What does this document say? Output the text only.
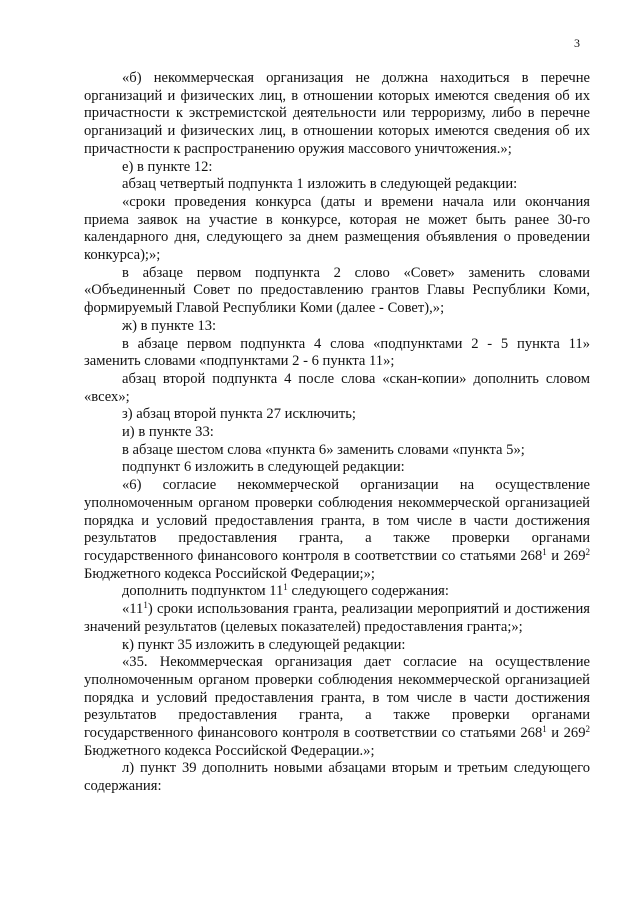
3

«б) некоммерческая организация не должна находиться в перечне организаций и физических лиц, в отношении которых имеются сведения об их причастности к экстремистской деятельности или терроризму, либо в перечне организаций и физических лиц, в отношении которых имеются сведения об их причастности к распространению оружия массового уничтожения.»;

е) в пункте 12:

абзац четвертый подпункта 1 изложить в следующей редакции:

«сроки проведения конкурса (даты и времени начала или окончания приема заявок на участие в конкурсе, которая не может быть ранее 30-го календарного дня, следующего за днем размещения объявления о проведении конкурса);»;

в абзаце первом подпункта 2 слово «Совет» заменить словами «Объединенный Совет по предоставлению грантов Главы Республики Коми, формируемый Главой Республики Коми (далее - Совет),»;

ж) в пункте 13:

в абзаце первом подпункта 4 слова «подпунктами 2 - 5 пункта 11» заменить словами «подпунктами 2 - 6 пункта 11»;

абзац второй подпункта 4 после слова «скан-копии» дополнить словом «всех»;

з) абзац второй пункта 27 исключить;

и) в пункте 33:

в абзаце шестом слова «пункта 6» заменить словами «пункта 5»;

подпункт 6 изложить в следующей редакции:

«6) согласие некоммерческой организации на осуществление уполномоченным органом проверки соблюдения некоммерческой организацией порядка и условий предоставления гранта, в том числе в части достижения результатов предоставления гранта, а также проверки органами государственного финансового контроля в соответствии со статьями $268^1$ и $269^2$ Бюджетного кодекса Российской Федерации;»;

дополнить подпунктом $11^1$ следующего содержания:

«$11^1$) сроки использования гранта, реализации мероприятий и достижения значений результатов (целевых показателей) предоставления гранта;»;

к) пункт 35 изложить в следующей редакции:

«35. Некоммерческая организация дает согласие на осуществление уполномоченным органом проверки соблюдения некоммерческой организацией порядка и условий предоставления гранта, в том числе в части достижения результатов предоставления гранта, а также проверки органами государственного финансового контроля в соответствии со статьями $268^1$ и $269^2$ Бюджетного кодекса Российской Федерации.»;

л) пункт 39 дополнить новыми абзацами вторым и третьим следующего содержания:
